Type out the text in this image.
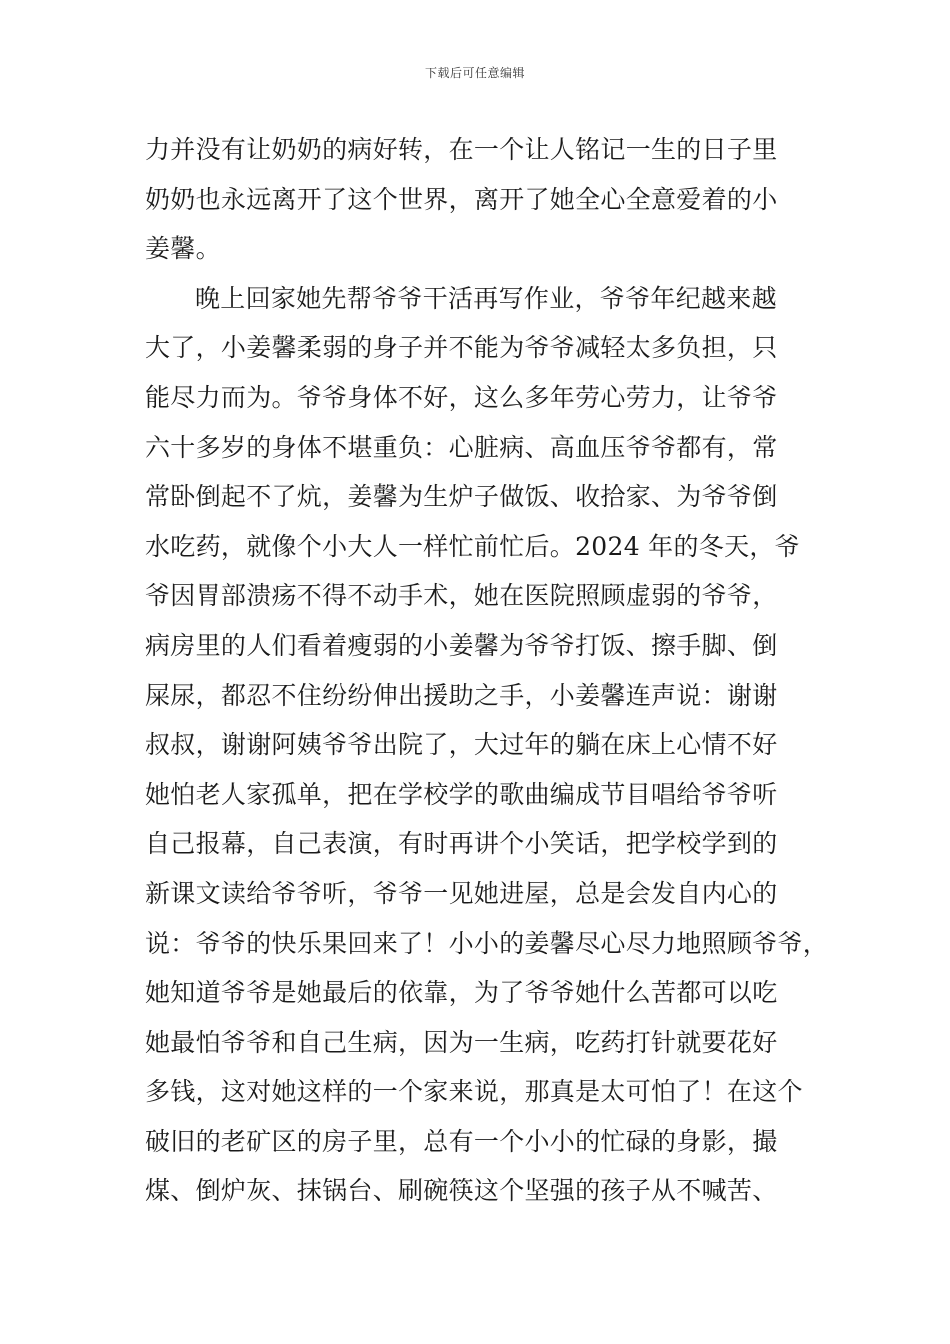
下载后可任意编辑
力并没有让奶奶的病好转，在一个让人铭记一生的日子里
奶奶也永远离开了这个世界，离开了她全心全意爱着的小
姜馨。
晚上回家她先帮爷爷干活再写作业，爷爷年纪越来越
大了，小姜馨柔弱的身子并不能为爷爷减轻太多负担，只
能尽力而为。爷爷身体不好，这么多年劳心劳力，让爷爷
六十多岁的身体不堪重负：心脏病、高血压爷爷都有，常
常卧倒起不了炕，姜馨为生炉子做饭、收拾家、为爷爷倒
水吃药，就像个小大人一样忙前忙后。2024 年的冬天，爷
爷因胃部溃疡不得不动手术，她在医院照顾虚弱的爷爷，
病房里的人们看着瘦弱的小姜馨为爷爷打饭、擦手脚、倒
屎尿，都忍不住纷纷伸出援助之手，小姜馨连声说：谢谢
叔叔，谢谢阿姨爷爷出院了，大过年的躺在床上心情不好
她怕老人家孤单，把在学校学的歌曲编成节目唱给爷爷听
自己报幕，自己表演，有时再讲个小笑话，把学校学到的
新课文读给爷爷听，爷爷一见她进屋，总是会发自内心的
说：爷爷的快乐果回来了！小小的姜馨尽心尽力地照顾爷爷，
她知道爷爷是她最后的依靠，为了爷爷她什么苦都可以吃
她最怕爷爷和自己生病，因为一生病，吃药打针就要花好
多钱，这对她这样的一个家来说，那真是太可怕了！在这个
破旧的老矿区的房子里，总有一个小小的忙碌的身影，撮
煤、倒炉灰、抹锅台、刷碗筷这个坚强的孩子从不喊苦、
